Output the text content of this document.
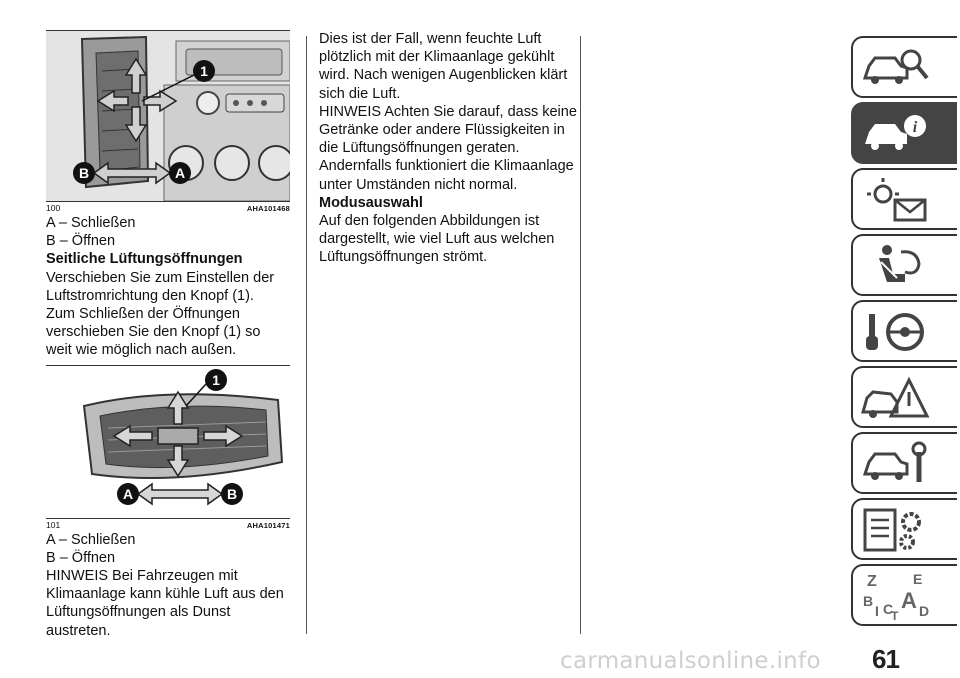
1
B	A
100	AHA101468

A – Schließen

B – Öffnen

Seitliche Lüftungsöffnungen

Verschieben Sie zum Einstellen der Luftstromrichtung den Knopf (1).

Zum Schließen der Öffnungen verschieben Sie den Knopf (1) so weit wie möglich nach außen.

1
A	B
101	AHA101471

A – Schließen

B – Öffnen

HINWEIS Bei Fahrzeugen mit Klimaanlage kann kühle Luft aus den Lüftungsöffnungen als Dunst austreten.

Dies ist der Fall, wenn feuchte Luft plötzlich mit der Klimaanlage gekühlt wird. Nach wenigen Augenblicken klärt sich die Luft.

HINWEIS Achten Sie darauf, dass keine Getränke oder andere Flüssigkeiten in die Lüftungsöffnungen geraten. Andernfalls funktioniert die Klimaanlage unter Umständen nicht normal.

Modusauswahl

Auf den folgenden Abbildungen ist dargestellt, wie viel Luft aus welchen Lüftungsöffnungen strömt.

i
Z	E
B A
C D
T
I
61
carmanualsonline.info
